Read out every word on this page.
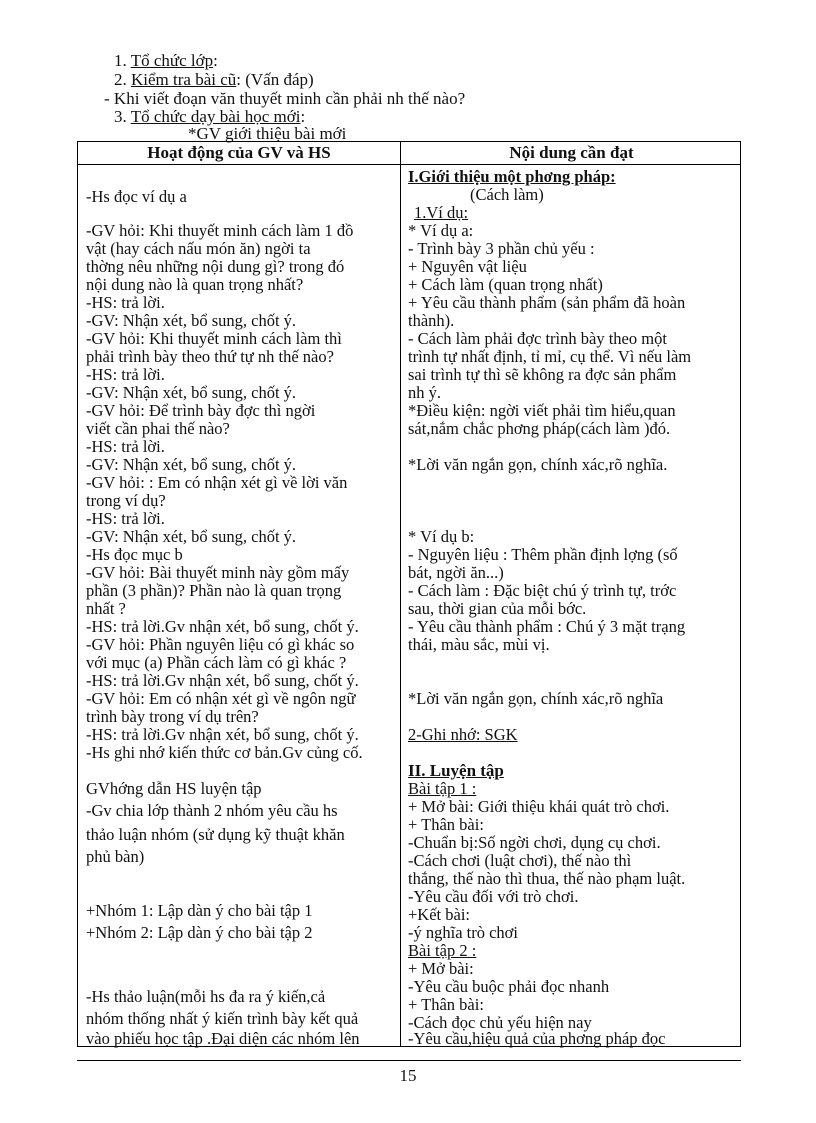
1. Tổ chức lớp:
2. Kiểm tra bài cũ: (Vấn đáp)
- Khi viết đoạn văn thuyết minh cần phải nh thế nào?
3. Tổ chức dạy bài học mới:
*GV giới thiệu bài mới
Hoạt động của GV và HS	Nội dung cần đạt
-Hs đọc ví dụ a
-GV hỏi: Khi thuyết minh cách làm 1 đồ
vật (hay cách nấu món ăn) ngời ta
thờng nêu những nội dung gì? trong đó
nội dung nào là quan trọng nhất?
-HS: trả lời.
-GV: Nhận xét, bổ sung, chốt ý.
-GV hỏi: Khi thuyết minh cách làm thì
phải trình bày theo thứ tự nh thế nào?
-HS: trả lời.
-GV: Nhận xét, bổ sung, chốt ý.
-GV hỏi: Để trình bày đợc thì ngời
viết cần phai thế nào?
-HS: trả lời.
-GV: Nhận xét, bổ sung, chốt ý.
-GV hỏi: : Em có nhận xét gì về lời văn
trong ví dụ?
-HS: trả lời.
-GV: Nhận xét, bổ sung, chốt ý.
-Hs đọc mục b
-GV hỏi: Bài thuyết minh này gồm mấy
phần (3 phần)? Phần nào là quan trọng
nhất ?
-HS: trả lời.Gv nhận xét, bổ sung, chốt ý.
-GV hỏi: Phần nguyên liệu có gì khác so
với mục (a) Phần cách làm có gì khác ?
-HS: trả lời.Gv nhận xét, bổ sung, chốt ý.
-GV hỏi: Em có nhận xét gì về ngôn ngữ
trình bày trong ví dụ trên?
-HS: trả lời.Gv nhận xét, bổ sung, chốt ý.
-Hs ghi nhớ kiến thức cơ bản.Gv củng cố.
GVhớng dẫn HS luyện tập
-Gv chia lớp thành 2 nhóm yêu cầu hs
thảo luận nhóm (sử dụng kỹ thuật khăn
phủ bàn)
+Nhóm 1: Lập dàn ý cho bài tập 1
+Nhóm 2: Lập dàn ý cho bài tập 2
-Hs thảo luận(mỗi hs đa ra ý kiến,cả
nhóm thống nhất ý kiến trình bày kết quả
vào phiếu học tập .Đại diện các nhóm lên
I.Giới thiệu một phơng pháp:
(Cách làm)
1.Ví dụ:
* Ví dụ a:
- Trình bày 3 phần chủ yếu :
+ Nguyên vật liệu
+ Cách làm (quan trọng nhất)
+ Yêu cầu thành phẩm (sản phẩm đã hoàn
thành).
- Cách làm phải đợc trình bày theo một
trình tự nhất định, tỉ mỉ, cụ thể. Vì nếu làm
sai trình tự thì sẽ không ra đợc sản phẩm
nh ý.
*Điều kiện: ngời viết phải tìm hiểu,quan
sát,nắm chắc phơng pháp(cách làm )đó.
*Lời văn ngắn gọn, chính xác,rõ nghĩa.
* Ví dụ b:
- Nguyên liệu : Thêm phần định lợng (số
bát, ngời ăn...)
- Cách làm : Đặc biệt chú ý trình tự, trớc
sau, thời gian của mỗi bớc.
- Yêu cầu thành phẩm : Chú ý 3 mặt trạng
thái, màu sắc, mùi vị.
*Lời văn ngắn gọn, chính xác,rõ nghĩa
2-Ghi nhớ: SGK
II. Luyện tập
Bài tập 1 :
+ Mở bài: Giới thiệu khái quát trò chơi.
+ Thân bài:
-Chuẩn bị:Số ngời chơi, dụng cụ chơi.
-Cách chơi (luật chơi), thế nào thì
thắng, thế nào thì thua, thế nào phạm luật.
-Yêu cầu đối với trò chơi.
+Kết bài:
-ý nghĩa trò chơi
Bài tập 2 :
+ Mở bài:
-Yêu cầu buộc phải đọc nhanh
+ Thân bài:
-Cách đọc chủ yếu hiện nay
-Yêu cầu,hiệu quả của phơng pháp đọc
15
